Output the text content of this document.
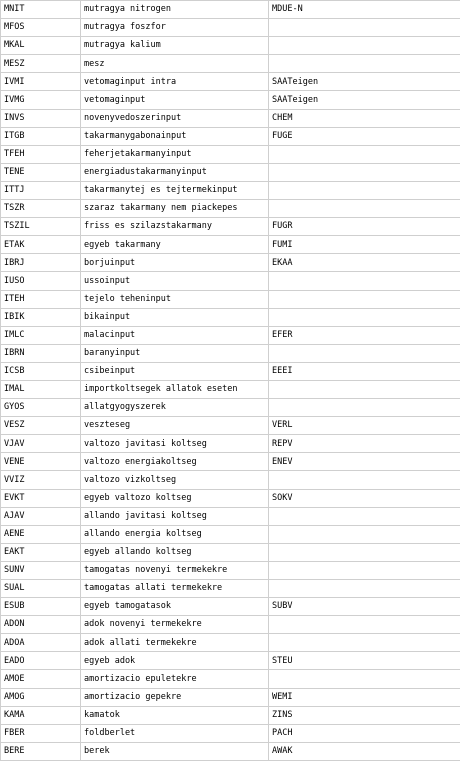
MNIT	mutragya nitrogen	MDUE-N
MFOS	mutragya foszfor	
MKAL	mutragya kalium	
MESZ	mesz	
IVMI	vetomaginput intra	SAATeigen
IVMG	vetomaginput	SAATeigen
INVS	novenyvedoszerinput	CHEM
ITGB	takarmanygabonainput	FUGE
TFEH	feherjetakarmanyinput	
TENE	energiadustakarmanyinput	
ITTJ	takarmanytej es tejtermekinput	
TSZR	szaraz takarmany nem piackepes	
TSZIL	friss es szilazstakarmany	FUGR
ETAK	egyeb takarmany	FUMI
IBRJ	borjuinput	EKAA
IUSO	ussoinput	
ITEH	tejelo teheninput	
IBIK	bikainput	
IMLC	malacinput	EFER
IBRN	baranyinput	
ICSB	csibeinput	EEEI
IMAL	importkoltsegek allatok eseten	
GYOS	allatgyogyszerek	
VESZ	veszteseg	VERL
VJAV	valtozo javitasi koltseg	REPV
VENE	valtozo energiakoltseg	ENEV
VVIZ	valtozo vizkoltseg	
EVKT	egyeb valtozo koltseg	SOKV
AJAV	allando javitasi koltseg	
AENE	allando energia koltseg	
EAKT	egyeb allando koltseg	
SUNV	tamogatas novenyi termekekre	
SUAL	tamogatas allati termekekre	
ESUB	egyeb tamogatasok	SUBV
ADON	adok novenyi termekekre	
ADOA	adok allati termekekre	
EADO	egyeb adok	STEU
AMOE	amortizacio epuletekre	
AMOG	amortizacio gepekre	WEMI
KAMA	kamatok	ZINS
FBER	foldberlet	PACH
BERE	berek	AWAK
